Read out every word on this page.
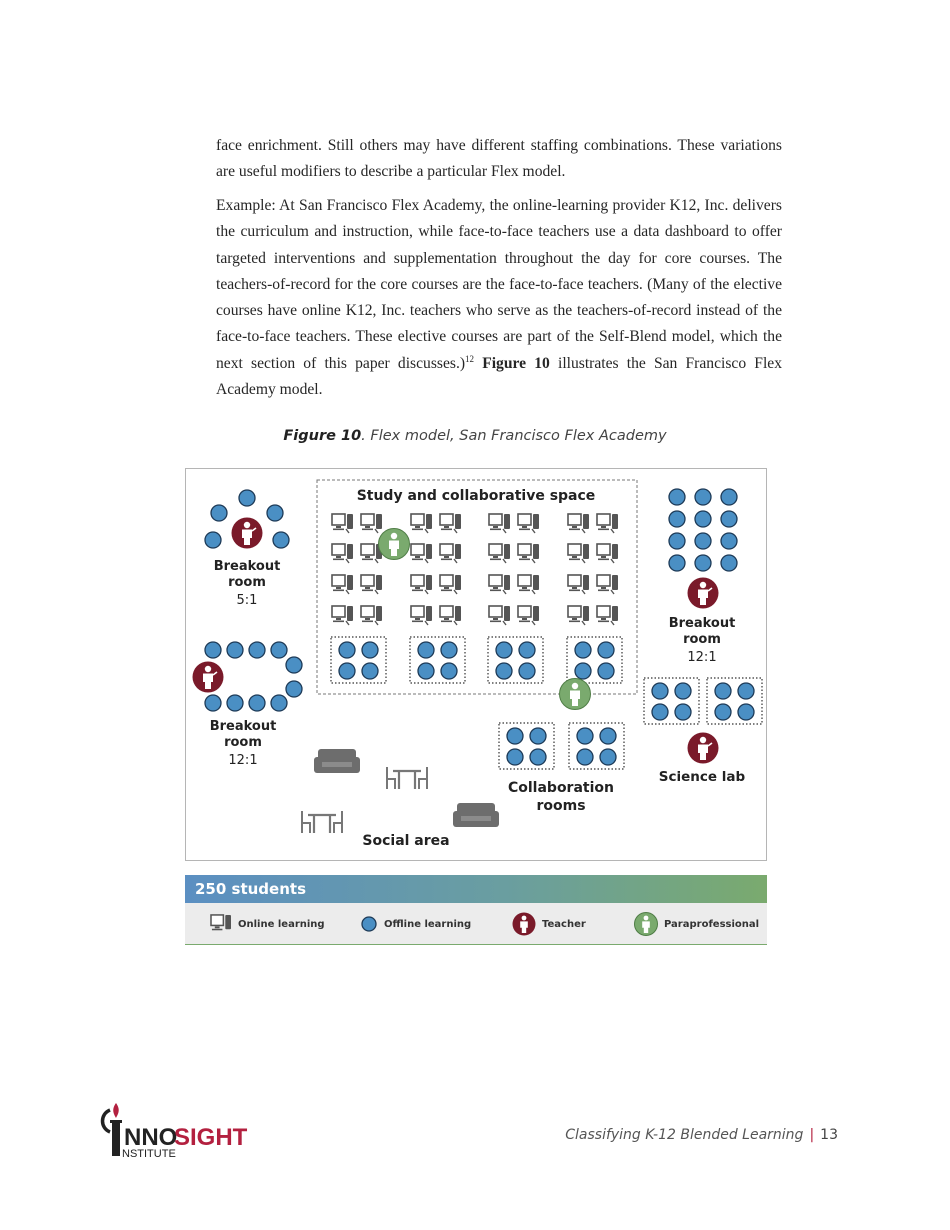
face enrichment. Still others may have different staffing combinations. These variations are useful modifiers to describe a particular Flex model.

Example: At San Francisco Flex Academy, the online-learning provider K12, Inc. delivers the curriculum and instruction, while face-to-face teachers use a data dashboard to offer targeted interventions and supplementation throughout the day for core courses. The teachers-of-record for the core courses are the face-to-face teachers. (Many of the elective courses have online K12, Inc. teachers who serve as the teachers-of-record instead of the face-to-face teachers. These elective courses are part of the Self-Blend model, which the next section of this paper discusses.)$^{12}$ Figure 10 illustrates the San Francisco Flex Academy model.

Figure 10. Flex model, San Francisco Flex Academy
Study and collaborative space
Breakout
room
5:1
Breakout
room
12:1
Breakout
room
12:1
Science lab
Collaboration
rooms
Social area
250 students
Online learning	Offline learning	Teacher	Paraprofessional
NNO
SIGHT
NSTITUTE
Classifying K-12 Blended Learning | 13
